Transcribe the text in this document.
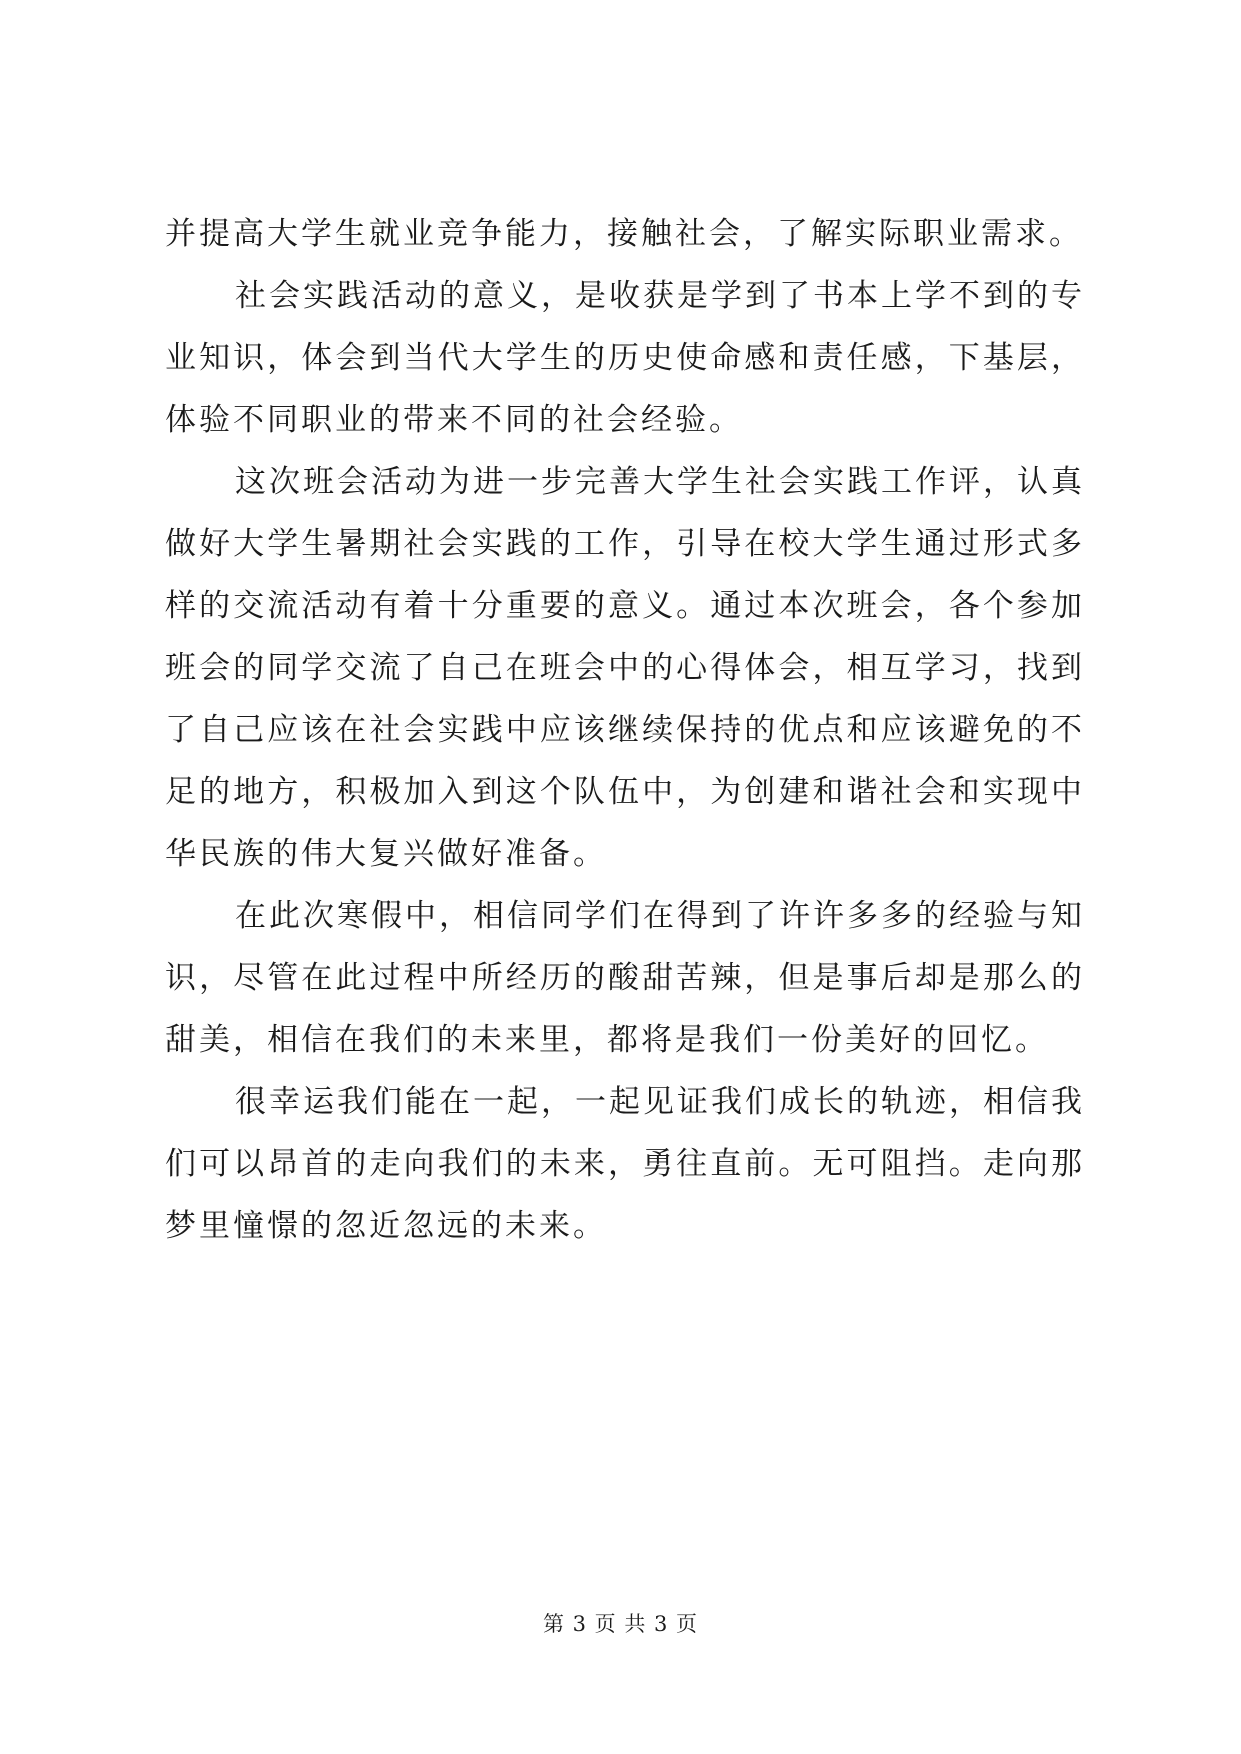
并提高大学生就业竞争能力，接触社会，了解实际职业需求。

社会实践活动的意义，是收获是学到了书本上学不到的专业知识，体会到当代大学生的历史使命感和责任感，下基层，体验不同职业的带来不同的社会经验。

这次班会活动为进一步完善大学生社会实践工作评，认真做好大学生暑期社会实践的工作，引导在校大学生通过形式多样的交流活动有着十分重要的意义。通过本次班会，各个参加班会的同学交流了自己在班会中的心得体会，相互学习，找到了自己应该在社会实践中应该继续保持的优点和应该避免的不足的地方，积极加入到这个队伍中，为创建和谐社会和实现中华民族的伟大复兴做好准备。

在此次寒假中，相信同学们在得到了许许多多的经验与知识，尽管在此过程中所经历的酸甜苦辣，但是事后却是那么的甜美，相信在我们的未来里，都将是我们一份美好的回忆。

很幸运我们能在一起，一起见证我们成长的轨迹，相信我们可以昂首的走向我们的未来，勇往直前。无可阻挡。走向那梦里憧憬的忽近忽远的未来。

第 3 页 共 3 页
